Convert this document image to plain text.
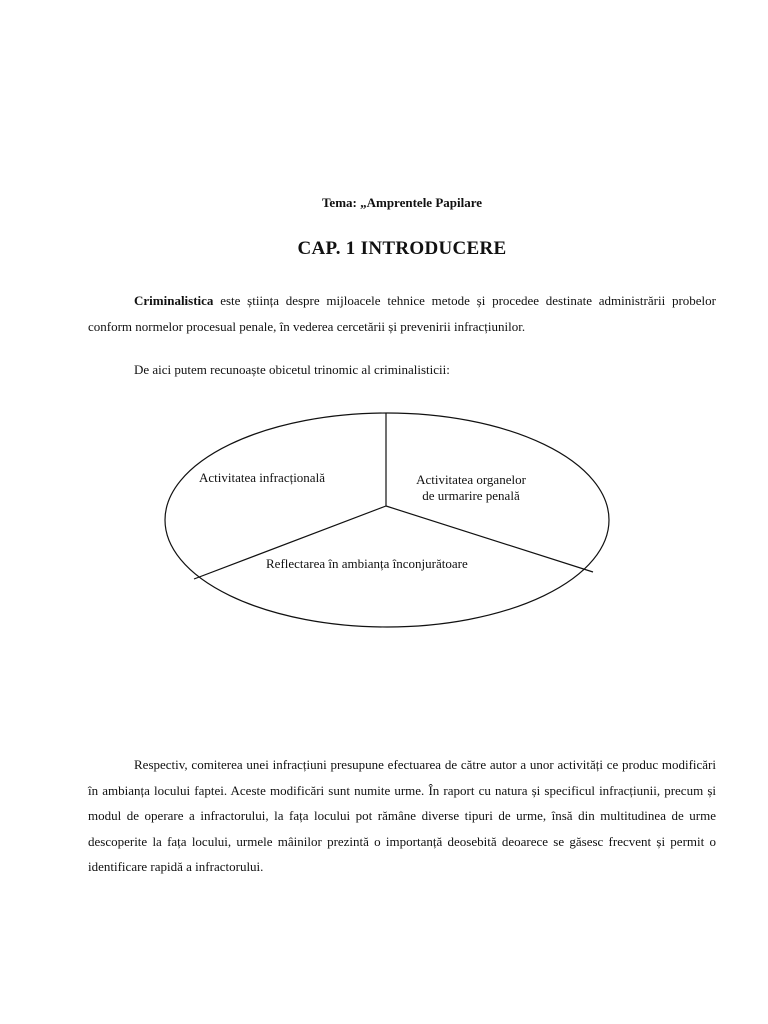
Tema: „Amprentele Papilare
CAP. 1 INTRODUCERE

Criminalistica este știința despre mijloacele tehnice metode și procedee destinate administrării probelor conform normelor procesual penale, în vederea cercetării și prevenirii infracțiunilor.

De aici putem recunoaște obicetul trinomic al criminalisticii:

Activitatea infracțională	Activitatea organelor
de urmarire penală
Reflectarea în ambianța înconjurătoare

Respectiv, comiterea unei infracțiuni presupune efectuarea de către autor a unor activități ce produc modificări în ambianța locului faptei. Aceste modificări sunt numite urme. În raport cu natura și specificul infracțiunii, precum și modul de operare a infractorului, la fața locului pot rămâne diverse tipuri de urme, însă din multitudinea de urme descoperite la fața locului, urmele mâinilor prezintă o importanță deosebită deoarece se găsesc frecvent și permit o identificare rapidă a infractorului.
